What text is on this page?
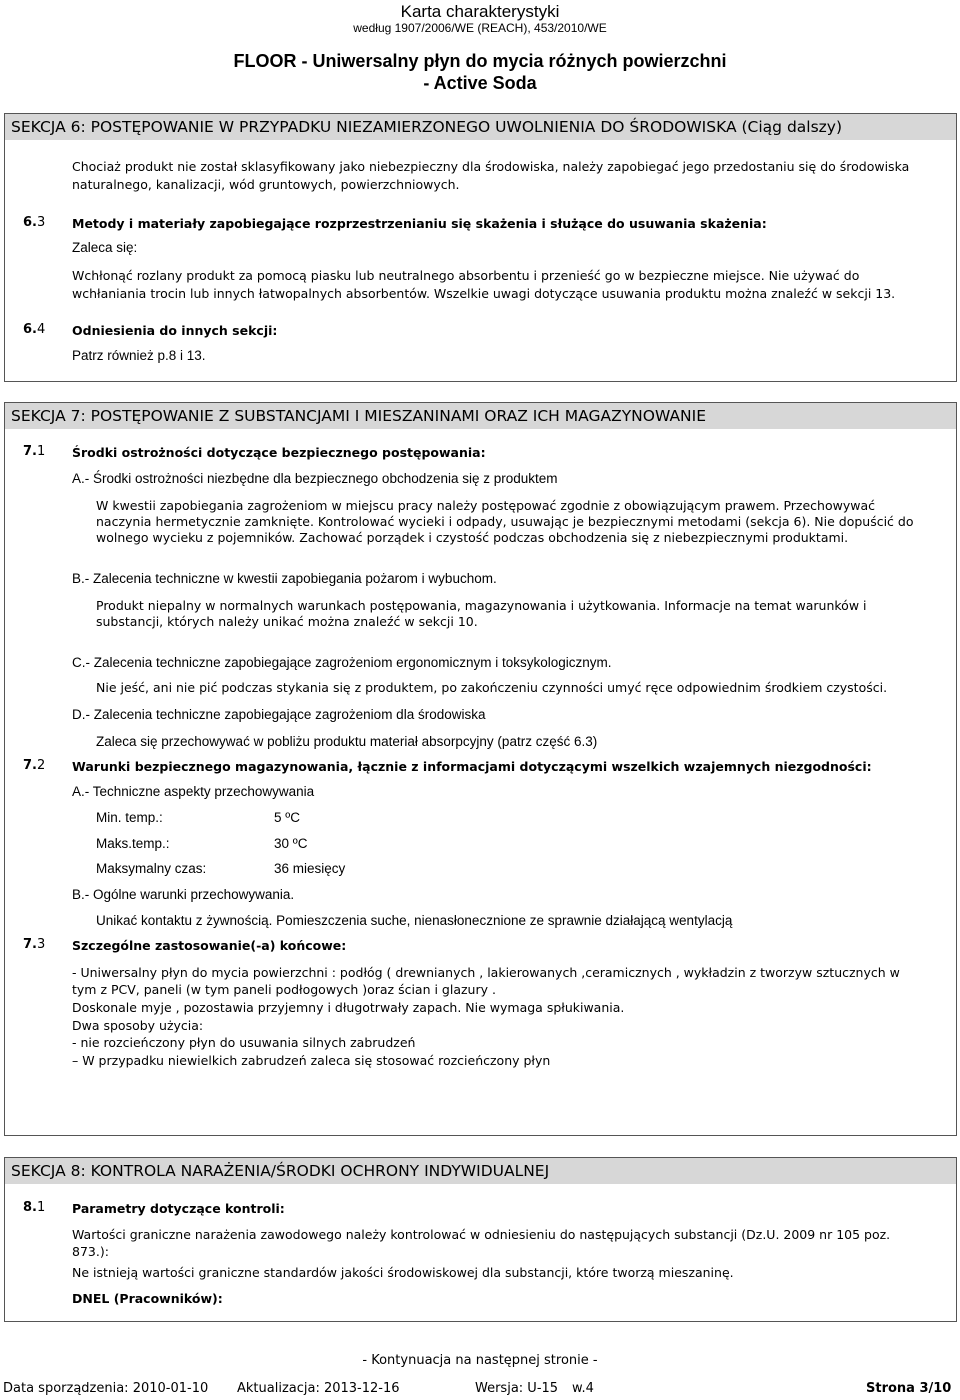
Karta charakterystyki
według 1907/2006/WE (REACH), 453/2010/WE
FLOOR - Uniwersalny płyn do mycia różnych powierzchni
- Active Soda
SEKCJA 6: POSTĘPOWANIE W PRZYPADKU NIEZAMIERZONEGO UWOLNIENIA DO ŚRODOWISKA (Ciąg dalszy)
Chociaż produkt nie został sklasyfikowany jako niebezpieczny dla środowiska, należy zapobiegać jego przedostaniu się do środowiska
naturalnego, kanalizacji, wód gruntowych, powierzchniowych.
6.3 Metody i materiały zapobiegające rozprzestrzenianiu się skażenia i służące do usuwania skażenia:
Zaleca się:
Wchłonąć rozlany produkt za pomocą piasku lub neutralnego absorbentu i przenieść go w bezpieczne miejsce. Nie używać do
wchłaniania trocin lub innych łatwopalnych absorbentów. Wszelkie uwagi dotyczące usuwania produktu można znaleźć w sekcji 13.
6.4 Odniesienia do innych sekcji:
Patrz również p.8 i 13.
SEKCJA 7: POSTĘPOWANIE Z SUBSTANCJAMI I MIESZANINAMI ORAZ ICH MAGAZYNOWANIE
7.1 Środki ostrożności dotyczące bezpiecznego postępowania:
A.- Środki ostrożności niezbędne dla bezpiecznego obchodzenia się z produktem
W kwestii zapobiegania zagrożeniom w miejscu pracy należy postępować zgodnie z obowiązującym prawem. Przechowywać
naczynia hermetycznie zamknięte. Kontrolować wycieki i odpady, usuwając je bezpiecznymi metodami (sekcja 6). Nie dopuścić do
wolnego wycieku z pojemników. Zachować porządek i czystość podczas obchodzenia się z niebezpiecznymi produktami.
B.- Zalecenia techniczne w kwestii zapobiegania pożarom i wybuchom.
Produkt niepalny w normalnych warunkach postępowania, magazynowania i użytkowania. Informacje na temat warunków i
substancji, których należy unikać można znaleźć w sekcji 10.
C.- Zalecenia techniczne zapobiegające zagrożeniom ergonomicznym i toksykologicznym.
Nie jeść, ani nie pić podczas stykania się z produktem, po zakończeniu czynności umyć ręce odpowiednim środkiem czystości.
D.- Zalecenia techniczne zapobiegające zagrożeniom dla środowiska
Zaleca się przechowywać w pobliżu produktu materiał absorpcyjny (patrz część 6.3)
7.2 Warunki bezpiecznego magazynowania, łącznie z informacjami dotyczącymi wszelkich wzajemnych niezgodności:
A.- Techniczne aspekty przechowywania
Min. temp.:	5 ºC
Maks.temp.:	30 ºC
Maksymalny czas:	36 miesięcy
B.- Ogólne warunki przechowywania.
Unikać kontaktu z żywnością. Pomieszczenia suche, nienasłonecznione ze sprawnie działającą wentylacją
7.3 Szczególne zastosowanie(-a) końcowe:
- Uniwersalny płyn do mycia powierzchni : podłóg ( drewnianych , lakierowanych ,ceramicznych , wykładzin z tworzyw sztucznych w
tym z PCV, paneli (w tym paneli podłogowych )oraz ścian i glazury .
Doskonale myje , pozostawia przyjemny i długotrwały zapach. Nie wymaga spłukiwania.
Dwa sposoby użycia:
- nie rozcieńczony płyn do usuwania silnych zabrudzeń
– W przypadku niewielkich zabrudzeń zaleca się stosować rozcieńczony płyn
SEKCJA 8: KONTROLA NARAŻENIA/ŚRODKI OCHRONY INDYWIDUALNEJ
8.1 Parametry dotyczące kontroli:
Wartości graniczne narażenia zawodowego należy kontrolować w odniesieniu do następujących substancji (Dz.U. 2009 nr 105 poz.
873.):
Ne istnieją wartości graniczne standardów jakości środowiskowej dla substancji, które tworzą mieszaninę.
DNEL (Pracowników):
- Kontynuacja na następnej stronie -
Data sporządzenia: 2010-01-10 Aktualizacja: 2013-12-16	Wersja: U-15 w.4	Strona 3/10
